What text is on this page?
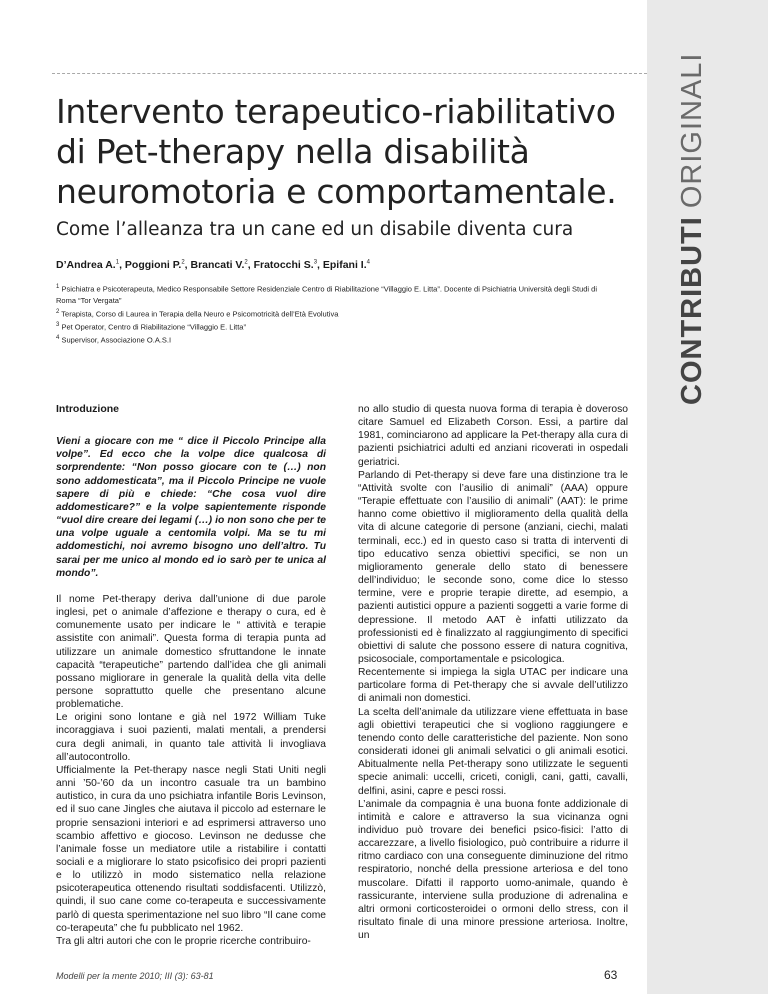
CONTRIBUTI
ORIGINALI
Intervento terapeutico-riabilitativo di Pet-therapy nella disabilità neuromotoria e comportamentale.
Come l’alleanza tra un cane ed un disabile diventa cura
D’Andrea A.$^1$, Poggioni P.$^2$, Brancati V.$^2$, Fratocchi S.$^3$, Epifani I.$^4$
$^1$ Psichiatra e Psicoterapeuta, Medico Responsabile Settore Residenziale Centro di Riabilitazione “Villaggio E. Litta”. Docente di Psichiatria Università degli Studi di Roma “Tor Vergata”
$^2$ Terapista, Corso di Laurea in Terapia della Neuro e Psicomotricità dell’Età Evolutiva
$^3$ Pet Operator, Centro di Riabilitazione “Villaggio E. Litta”
$^4$ Supervisor, Associazione O.A.S.I

Introduzione

Vieni a giocare con me “ dice il Piccolo Principe alla volpe”. Ed ecco che la volpe dice qualcosa di sorprendente: “Non posso giocare con te (…) non sono addomesticata”, ma il Piccolo Principe ne vuole sapere di più e chiede: “Che cosa vuol dire addomesticare?” e la volpe sapientemente risponde “vuol dire creare dei legami (…) io non sono che per te una volpe uguale a centomila volpi. Ma se tu mi addomestichi, noi avremo bisogno uno dell’altro. Tu sarai per me unico al mondo ed io sarò per te unica al mondo”.

Il nome Pet-therapy deriva dall’unione di due parole inglesi, pet o animale d’affezione e therapy o cura, ed è comunemente usato per indicare le “ attività e terapie assistite con animali”. Questa forma di terapia punta ad utilizzare un animale domestico sfruttandone le innate capacità “terapeutiche” partendo dall’idea che gli animali possano migliorare in generale la qualità della vita delle persone soprattutto quelle che presentano alcune problematiche.

Le origini sono lontane e già nel 1972 William Tuke incoraggiava i suoi pazienti, malati mentali, a prendersi cura degli animali, in quanto tale attività li invogliava all’autocontrollo.

Ufficialmente la Pet-therapy nasce negli Stati Uniti negli anni ’50-’60 da un incontro casuale tra un bambino autistico, in cura da uno psichiatra infantile Boris Levinson, ed il suo cane Jingles che aiutava il piccolo ad esternare le proprie sensazioni interiori e ad esprimersi attraverso uno scambio affettivo e giocoso. Levinson ne dedusse che l’animale fosse un mediatore utile a ristabilire i contatti sociali e a migliorare lo stato psicofisico dei propri pazienti e lo utilizzò in modo sistematico nella relazione psicoterapeutica ottenendo risultati soddisfacenti. Utilizzò, quindi, il suo cane come co-terapeuta e successivamente parlò di questa sperimentazione nel suo libro “Il cane come co-terapeuta” che fu pubblicato nel 1962.

Tra gli altri autori che con le proprie ricerche contribuiro-

no allo studio di questa nuova forma di terapia è doveroso citare Samuel ed Elizabeth Corson. Essi, a partire dal 1981, cominciarono ad applicare la Pet-therapy alla cura di pazienti psichiatrici adulti ed anziani ricoverati in ospedali geriatrici.

Parlando di Pet-therapy si deve fare una distinzione tra le “Attività svolte con l’ausilio di animali” (AAA) oppure “Terapie effettuate con l’ausilio di animali” (AAT): le prime hanno come obiettivo il miglioramento della qualità della vita di alcune categorie di persone (anziani, ciechi, malati terminali, ecc.) ed in questo caso si tratta di interventi di tipo educativo senza obiettivi specifici, se non un miglioramento generale dello stato di benessere dell’individuo; le seconde sono, come dice lo stesso termine, vere e proprie terapie dirette, ad esempio, a pazienti autistici oppure a pazienti soggetti a varie forme di depressione. Il metodo AAT è infatti utilizzato da professionisti ed è finalizzato al raggiungimento di specifici obiettivi di salute che possono essere di natura cognitiva, psicosociale, comportamentale e psicologica.

Recentemente si impiega la sigla UTAC per indicare una particolare forma di Pet-therapy che si avvale dell’utilizzo di animali non domestici.

La scelta dell’animale da utilizzare viene effettuata in base agli obiettivi terapeutici che si vogliono raggiungere e tenendo conto delle caratteristiche del paziente. Non sono considerati idonei gli animali selvatici o gli animali esotici. Abitualmente nella Pet-therapy sono utilizzate le seguenti specie animali: uccelli, criceti, conigli, cani, gatti, cavalli, delfini, asini, capre e pesci rossi.

L’animale da compagnia è una buona fonte addizionale di intimità e calore e attraverso la sua vicinanza ogni individuo può trovare dei benefici psico-fisici: l’atto di accarezzare, a livello fisiologico, può contribuire a ridurre il ritmo cardiaco con una conseguente diminuzione del ritmo respiratorio, nonché della pressione arteriosa e del tono muscolare. Difatti il rapporto uomo-animale, quando è rassicurante, interviene sulla produzione di adrenalina e altri ormoni corticosteroidei o ormoni dello stress, con il risultato finale di una minore pressione arteriosa. Inoltre, un

Modelli per la mente 2010; III (3): 63-81	63
